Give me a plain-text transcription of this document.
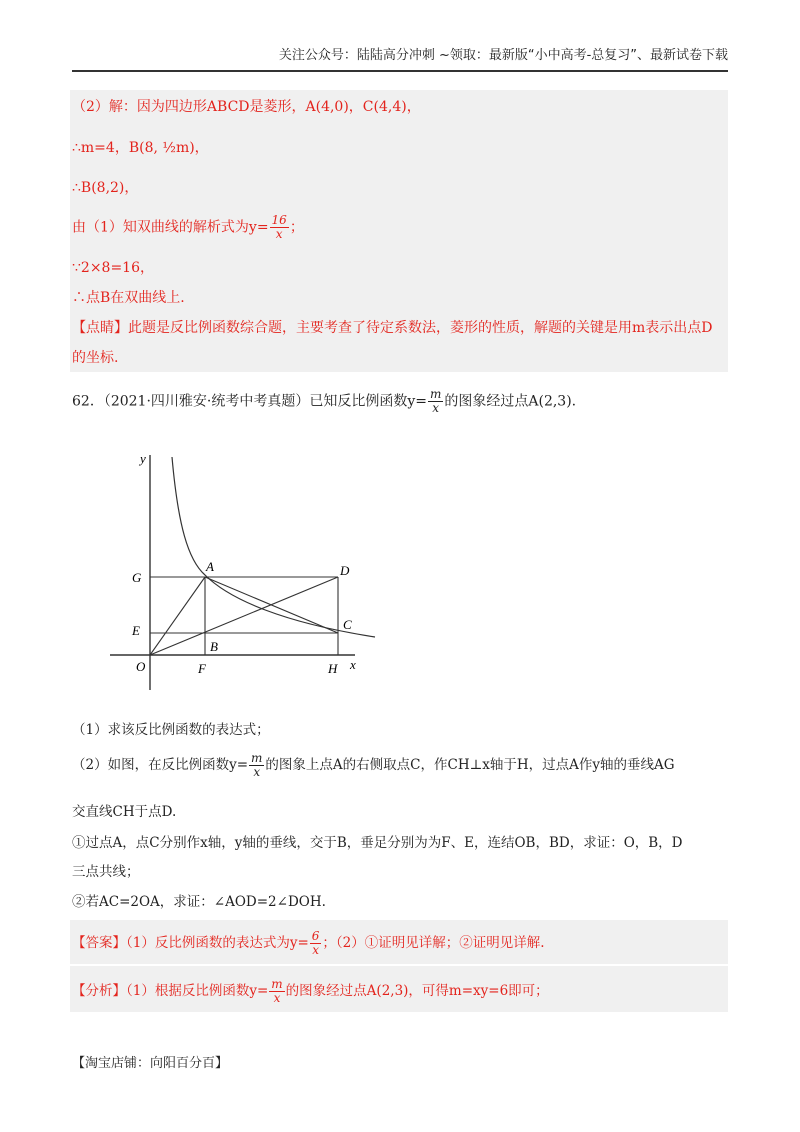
关注公众号：陆陆高分冲刺 ~领取：最新版“小中高考-总复习”、最新试卷下载
（2）解：因为四边形ABCD是菱形，A(4,0)，C(4,4)，
∴m=4，B(8, ½m)，
∴B(8,2)，
由（1）知双曲线的解析式为$y= \frac{16}{x}$ ；
∵2×8=16，
∴点B在双曲线上.
【点睛】此题是反比例函数综合题，主要考查了待定系数法，菱形的性质，解题的关键是用m表示出点D
的坐标.
62．（2021·四川雅安·统考中考真题）已知反比例函数$y= \frac{m}{x}$ 的图象经过点A(2,3).
y
x
G
A	D
E
B
C
O	F	H
（1）求该反比例函数的表达式；
（2）如图，在反比例函数$y= \frac{m}{x}$ 的图象上点A的右侧取点C，作CH⊥x轴于H，过点A作y轴的垂线AG
交直线CH于点D.
①过点A，点C分别作x轴，y轴的垂线，交于B，垂足分别为为F、E，连结OB，BD，求证：O，B，D
三点共线；
②若AC=2OA，求证：∠AOD=2∠DOH.
【答案】（1）反比例函数的表达式为$y= \frac{6}{x}$ ；（2）①证明见详解；②证明见详解.
【分析】（1）根据反比例函数$y= \frac{m}{x}$ 的图象经过点A(2,3)，可得m=xy=6即可；
【淘宝店铺：向阳百分百】
